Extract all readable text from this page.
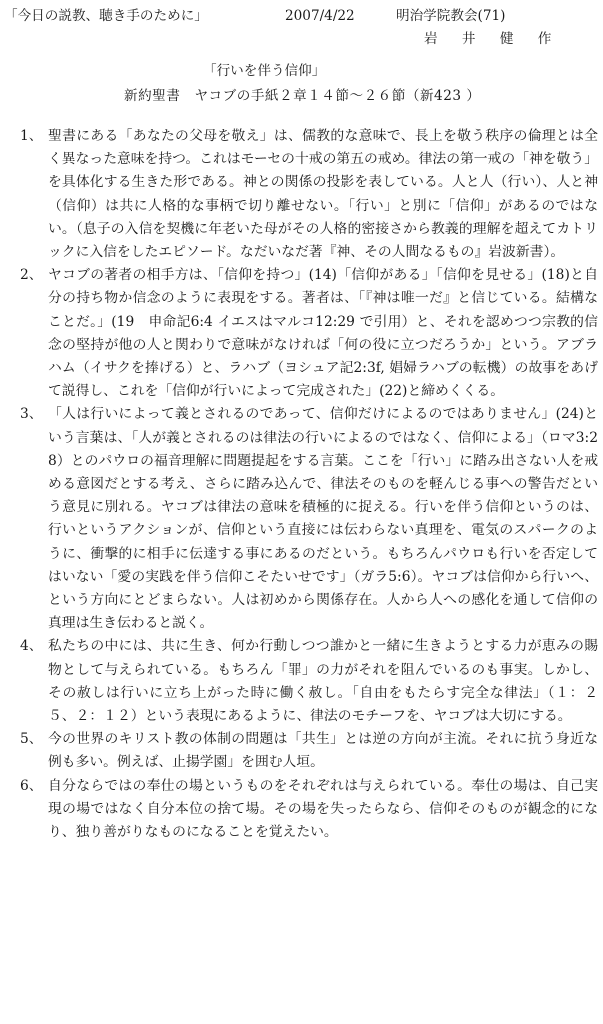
「今日の説教、聴き手のために」	2007/4/22	明治学院教会(71)
岩 井 健 作
「行いを伴う信仰」
新約聖書　ヤコブの手紙２章１４節～２６節（新423 ）
1、 聖書にある「あなたの父母を敬え」は、儒教的な意味で、長上を敬う秩序の倫理とは全く異なった意味を持つ。これはモーセの十戒の第五の戒め。律法の第一戒の「神を敬う」を具体化する生きた形である。神との関係の投影を表している。人と人（行い）、人と神（信仰）は共に人格的な事柄で切り離せない。「行い」と別に「信仰」があるのではない。（息子の入信を契機に年老いた母がその人格的密接さから教義的理解を超えてカトリックに入信をしたエピソード。なだいなだ著『神、その人間なるもの』岩波新書）。
2、 ヤコブの著者の相手方は、「信仰を持つ」(14)「信仰がある」「信仰を見せる」(18)と自分の持ち物か信念のように表現をする。著者は、「『神は唯一だ』と信じている。結構なことだ。」(19　申命記6:4 イエスはマルコ12:29 で引用）と、それを認めつつ宗教的信念の堅持が他の人と関わりで意味がなければ「何の役に立つだろうか」という。アブラハム（イサクを捧げる）と、ラハブ（ヨシュア記2:3f, 娼婦ラハブの転機）の故事をあげて説得し、これを「信仰が行いによって完成された」(22)と締めくくる。
3、 「人は行いによって義とされるのであって、信仰だけによるのではありません」(24)という言葉は、「人が義とされるのは律法の行いによるのではなく、信仰による」（ロマ3:28）とのパウロの福音理解に問題提起をする言葉。ここを「行い」に踏み出さない人を戒める意図だとする考え、さらに踏み込んで、律法そのものを軽んじる事への警告だという意見に別れる。ヤコブは律法の意味を積極的に捉える。行いを伴う信仰というのは、行いというアクションが、信仰という直接には伝わらない真理を、電気のスパークのように、衝撃的に相手に伝達する事にあるのだという。もちろんパウロも行いを否定してはいない「愛の実践を伴う信仰こそたいせです」（ガラ5:6）。ヤコブは信仰から行いへ、という方向にとどまらない。人は初めから関係存在。人から人への感化を通して信仰の真理は生き伝わると説く。
4、 私たちの中には、共に生き、何か行動しつつ誰かと一緒に生きようとする力が恵みの賜物として与えられている。もちろん「罪」の力がそれを阻んでいるのも事実。しかし、その赦しは行いに立ち上がった時に働く赦し。「自由をもたらす完全な律法」（１：２５、２：１２）という表現にあるように、律法のモチーフを、ヤコブは大切にする。
5、 今の世界のキリスト教の体制の問題は「共生」とは逆の方向が主流。それに抗う身近な例も多い。例えば、止揚学園」を囲む人垣。
6、 自分ならではの奉仕の場というものをそれぞれは与えられている。奉仕の場は、自己実現の場ではなく自分本位の捨て場。その場を失ったらなら、信仰そのものが観念的になり、独り善がりなものになることを覚えたい。
